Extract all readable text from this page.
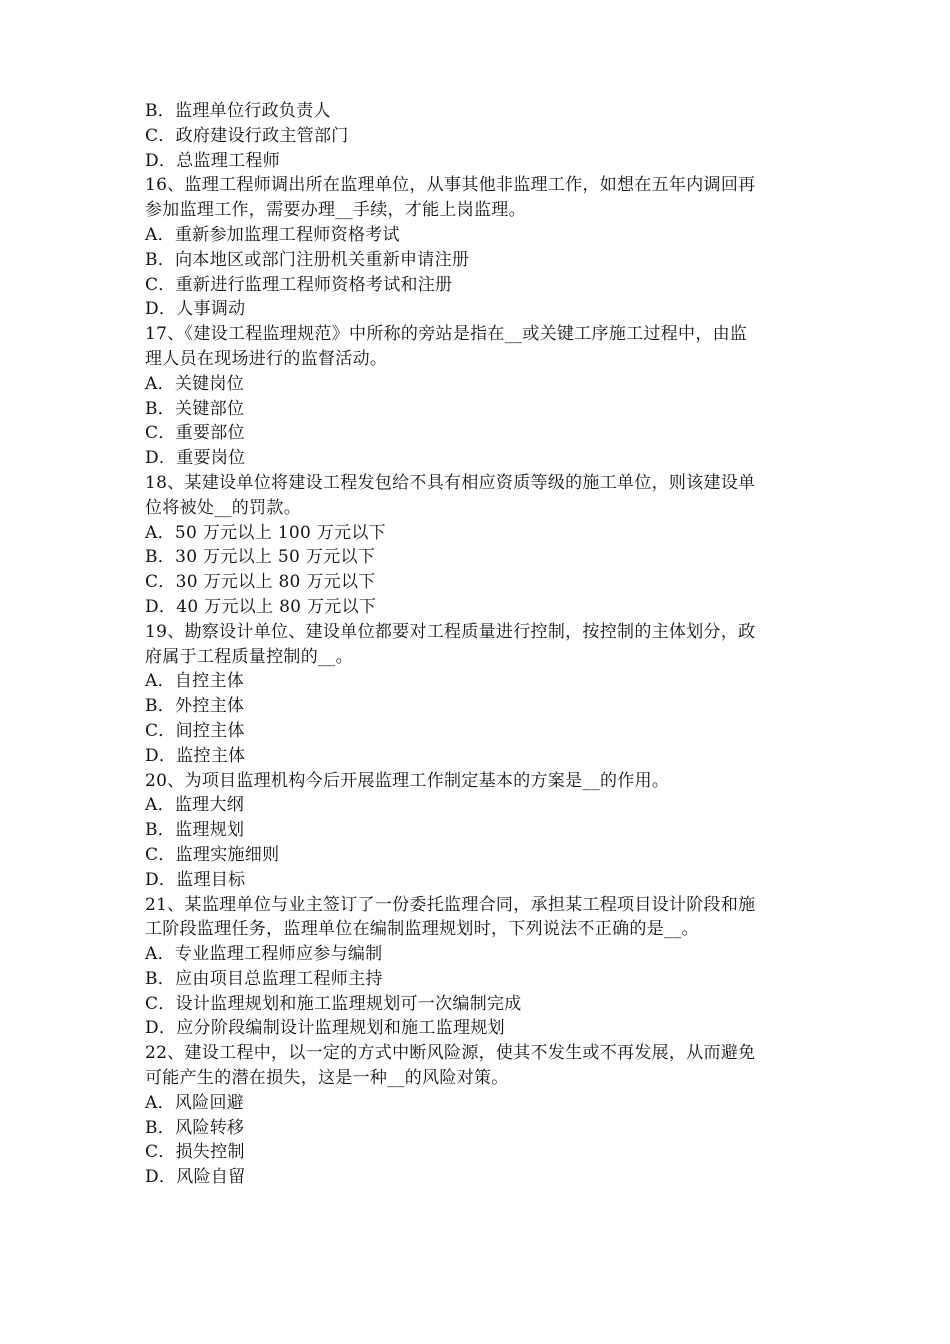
B．监理单位行政负责人
C．政府建设行政主管部门
D．总监理工程师
16、监理工程师调出所在监理单位，从事其他非监理工作，如想在五年内调回再
参加监理工作，需要办理__手续，才能上岗监理。
A．重新参加监理工程师资格考试
B．向本地区或部门注册机关重新申请注册
C．重新进行监理工程师资格考试和注册
D．人事调动
17、《建设工程监理规范》中所称的旁站是指在__或关键工序施工过程中，由监
理人员在现场进行的监督活动。
A．关键岗位
B．关键部位
C．重要部位
D．重要岗位
18、某建设单位将建设工程发包给不具有相应资质等级的施工单位，则该建设单
位将被处__的罚款。
A．50 万元以上 100 万元以下
B．30 万元以上 50 万元以下
C．30 万元以上 80 万元以下
D．40 万元以上 80 万元以下
19、勘察设计单位、建设单位都要对工程质量进行控制，按控制的主体划分，政
府属于工程质量控制的__。
A．自控主体
B．外控主体
C．间控主体
D．监控主体
20、为项目监理机构今后开展监理工作制定基本的方案是__的作用。
A．监理大纲
B．监理规划
C．监理实施细则
D．监理目标
21、某监理单位与业主签订了一份委托监理合同，承担某工程项目设计阶段和施
工阶段监理任务，监理单位在编制监理规划时，下列说法不正确的是__。
A．专业监理工程师应参与编制
B．应由项目总监理工程师主持
C．设计监理规划和施工监理规划可一次编制完成
D．应分阶段编制设计监理规划和施工监理规划
22、建设工程中，以一定的方式中断风险源，使其不发生或不再发展，从而避免
可能产生的潜在损失，这是一种__的风险对策。
A．风险回避
B．风险转移
C．损失控制
D．风险自留
